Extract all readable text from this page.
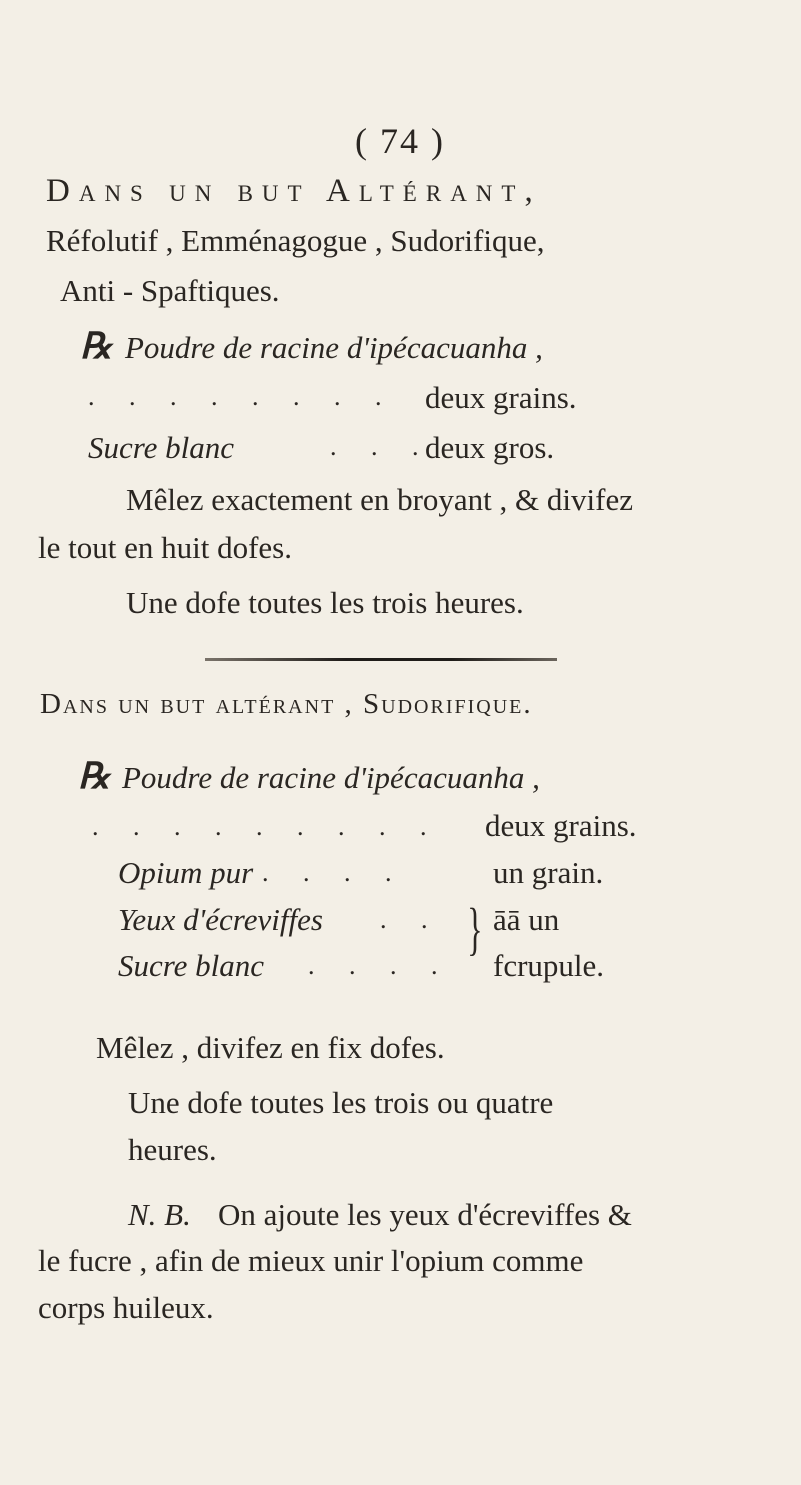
( 74 )
Dans un but Altérant,
Réfolutif , Emménagogue , Sudorifique,
Anti - Spaftiques.
℞ Poudre de racine d'ipécacuanha ,
. . . . . . . . deux grains.
Sucre blanc	. . .
deux gros.
Mêlez exactement en broyant , & divifez
le tout en huit dofes.
Une dofe toutes les trois heures.
Dans un but altérant , Sudorifique.
℞ Poudre de racine d'ipécacuanha ,
. . . . . . . . . deux grains.
Opium pur . . . .	un grain.
Yeux d'écreviffes . . āā un
Sucre blanc . . . . fcrupule.
}
Mêlez , divifez en fix dofes.
Une dofe toutes les trois ou quatre
heures.
N. B. On ajoute les yeux d'écreviffes &
le fucre , afin de mieux unir l'opium comme
corps huileux.
